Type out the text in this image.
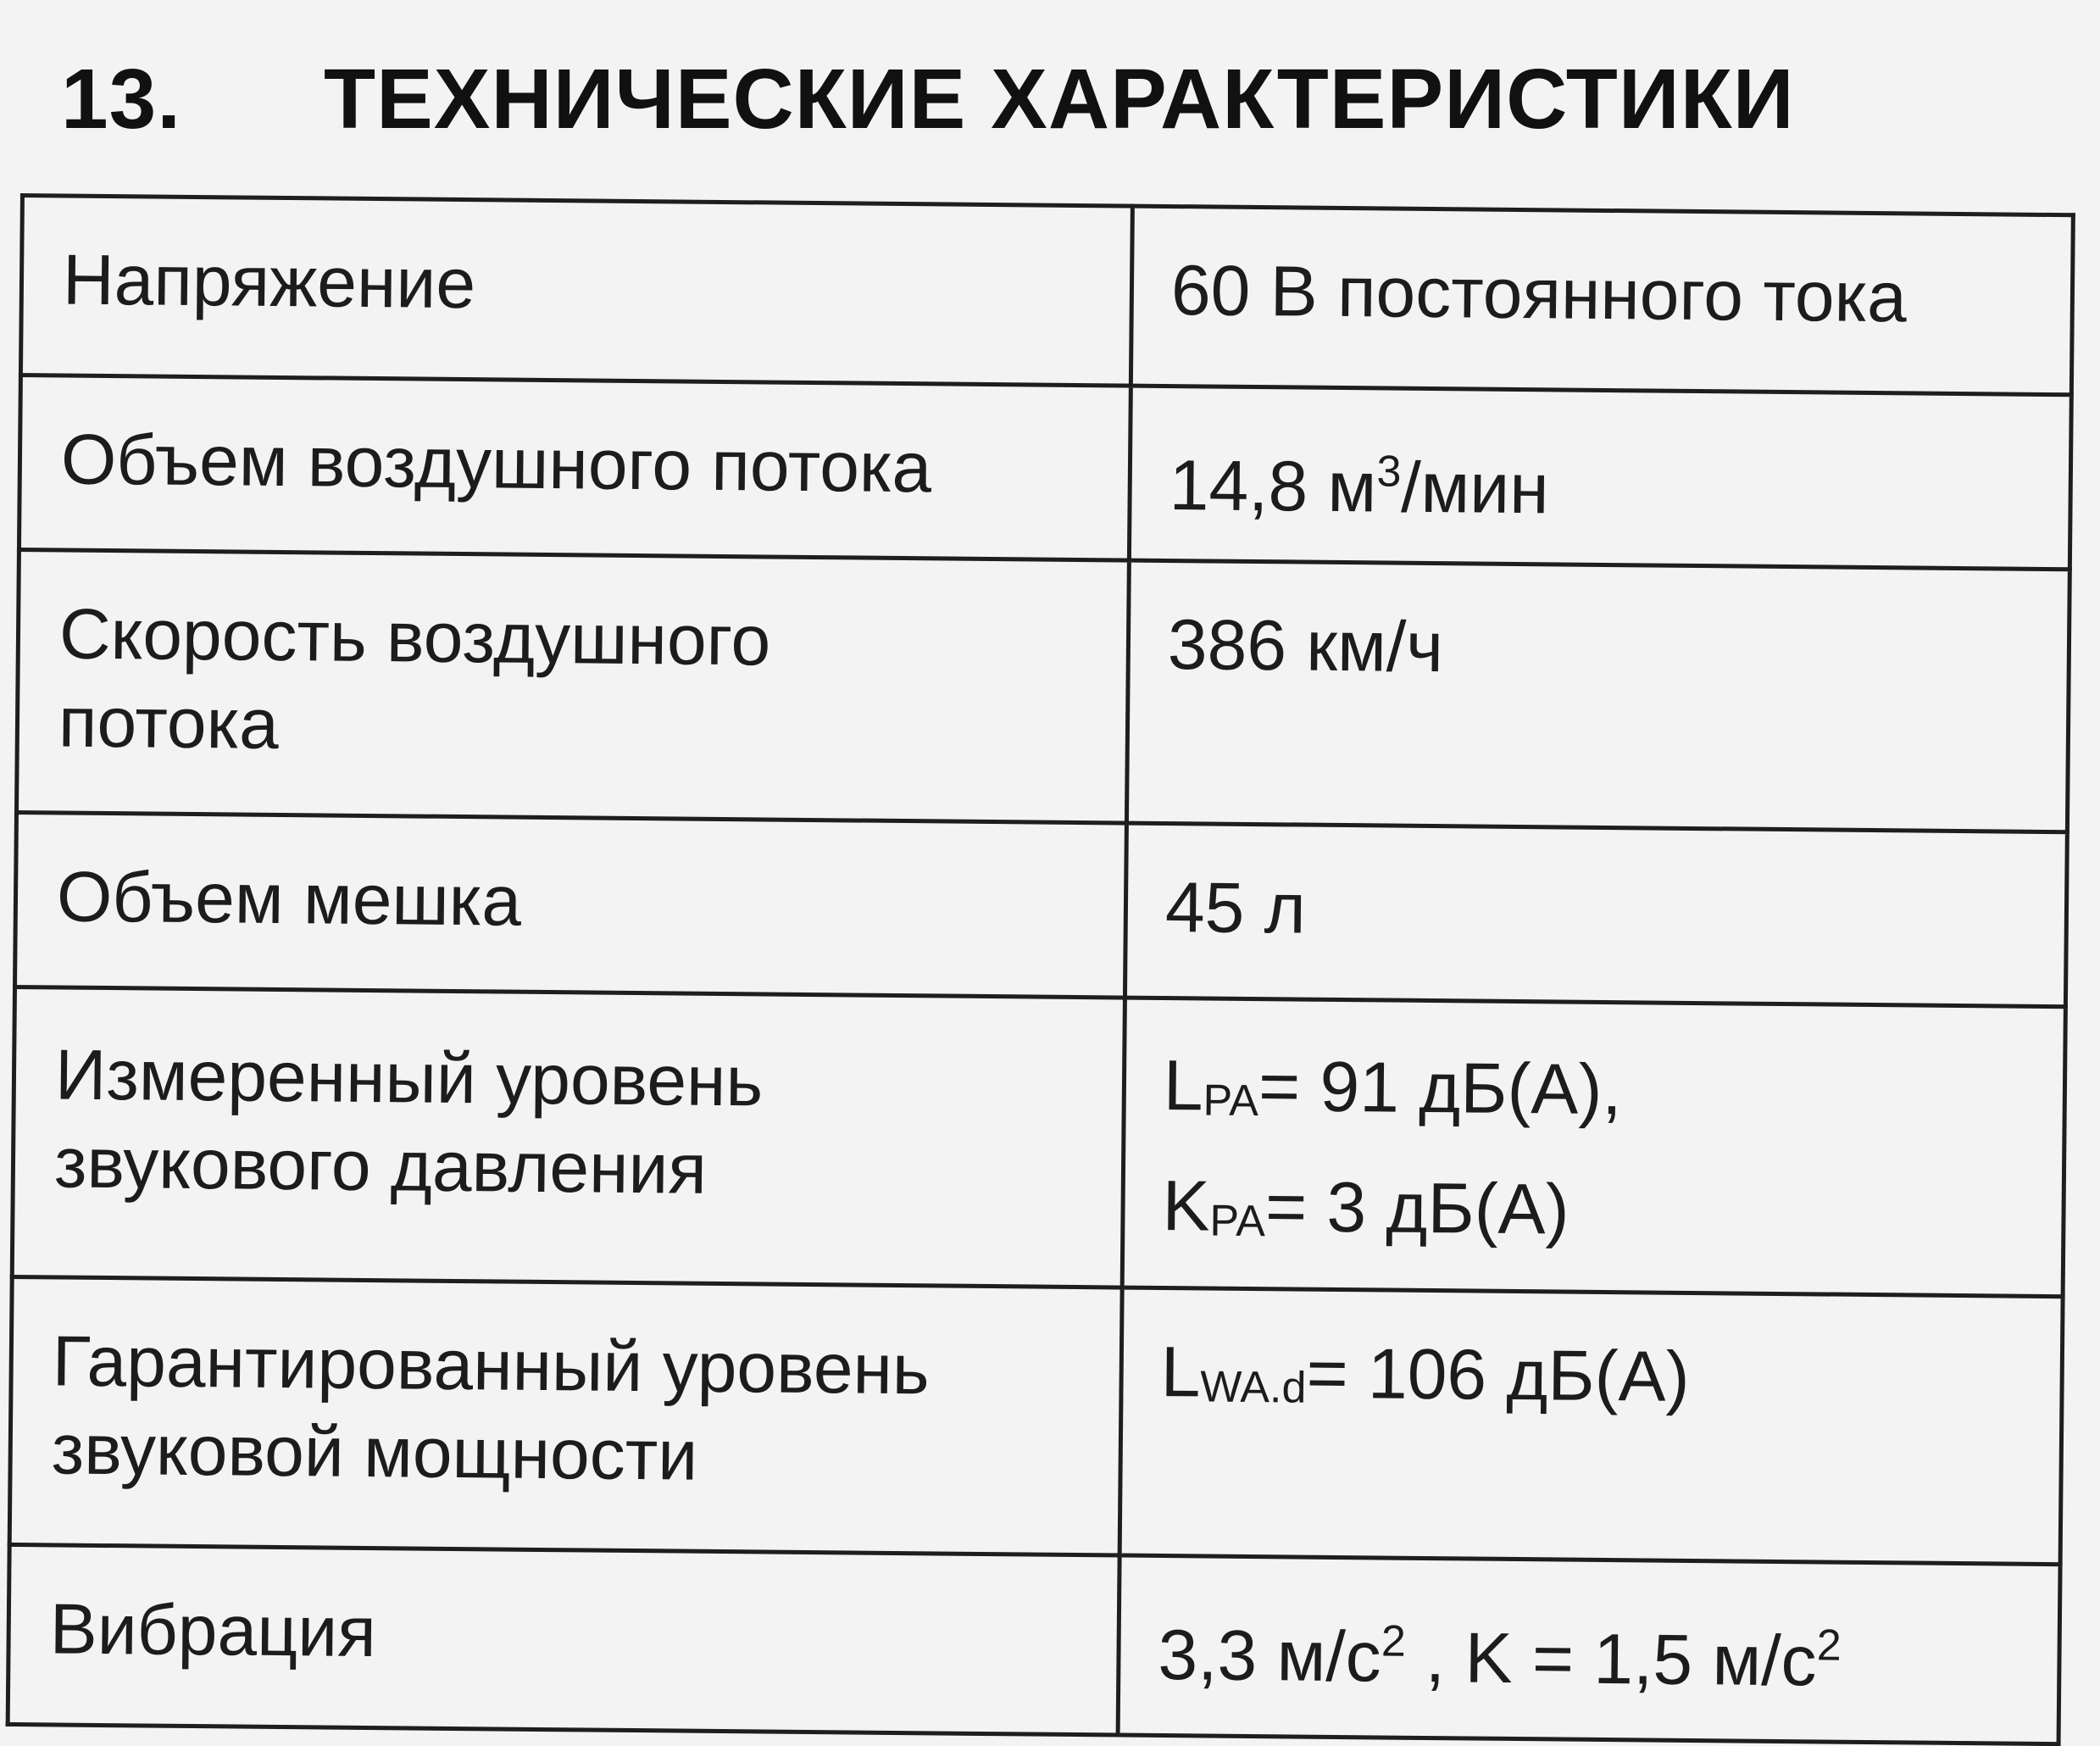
13.	ТЕХНИЧЕСКИЕ ХАРАКТЕРИСТИКИ
Напряжение	60 В постоянного тока
Объем воздушного потока	14,8 $м^3$/мин

Скорость воздушного
потока	386 км/ч
Объем мешка	45 л

Измеренный уровень
звукового давления	LPA= 91 дБ(A),
KPA= 3 дБ(A)

Гарантированный уровень
звуковой мощности	LWA.d= 106 дБ(A)
Вибрация	3,3 $м/с^2$ , K = 1,5 $м/с^2$
